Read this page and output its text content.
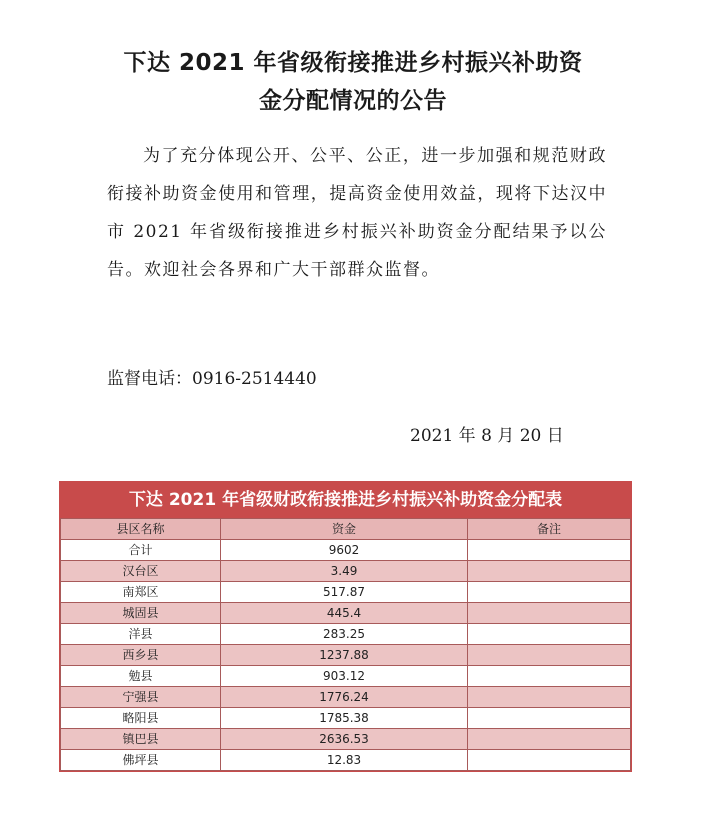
下达 2021 年省级衔接推进乡村振兴补助资
金分配情况的公告

为了充分体现公开、公平、公正，进一步加强和规范财政衔接补助资金使用和管理，提高资金使用效益，现将下达汉中市 2021 年省级衔接推进乡村振兴补助资金分配结果予以公告。欢迎社会各界和广大干部群众监督。

监督电话：0916-2514440
2021 年 8 月 20 日
下达 2021 年省级财政衔接推进乡村振兴补助资金分配表
县区名称	资金	备注
合计	9602	
汉台区	3.49	
南郑区	517.87	
城固县	445.4	
洋县	283.25	
西乡县	1237.88	
勉县	903.12	
宁强县	1776.24	
略阳县	1785.38	
镇巴县	2636.53	
佛坪县	12.83	
